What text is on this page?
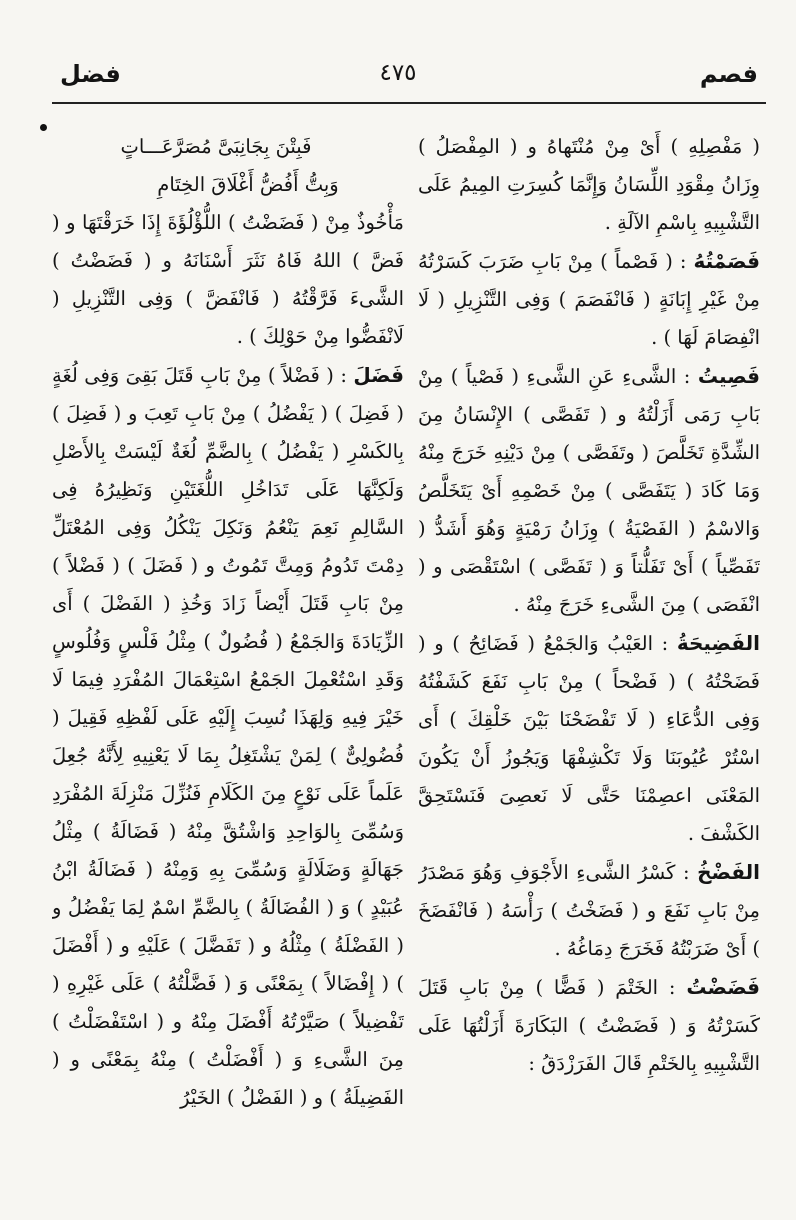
فصم
٤٧٥
فضل

( مَفْصِلِهِ ) أَىْ مِنْ مُنْتَهاهُ و ( المِفْصَلُ ) وِزَانُ مِقْوَدِ اللِّسَانُ وَإِنَّمَا كُسِرَتِ المِيمُ عَلَى التَّشْبِيهِ بِاسْمِ الآلَةِ .

فَصَمْتُهُ : ( فَصْماً ) مِنْ بَابِ ضَرَبَ كَسَرْتُهُ مِنْ غَيْرِ إِبَانَةٍ ( فَانْفَصَمَ ) وَفِى التَّنْزِيلِ ( لَا انْفِصَامَ لَهَا ) .

فَصِيتُ : الشَّىءِ عَنِ الشَّىءِ ( فَصْياً ) مِنْ بَابِ رَمَى أَزَلْتُهُ و ( تَفَصَّى ) الإِنْسَانُ مِنَ الشِّدَّةِ تَخَلَّصَ ( وتَفَصَّى ) مِنْ دَيْنِهِ خَرَجَ مِنْهُ وَمَا كَادَ ( يَتَفَصَّى ) مِنْ خَصْمِهِ أَىْ يَتَخَلَّصُ وَالاسْمُ ( الفَصْيَةُ ) وِزَانُ رَمْيَةٍ وَهُوَ أَشَدُّ ( تَفَصِّياً ) أَىْ تَفَلُّتاً وَ ( تَفَصَّى ) اسْتَقْصَى و ( انْفَصَى ) مِنَ الشَّىءِ خَرَجَ مِنْهُ .

الفَضِيحَةُ : العَيْبُ وَالجَمْعُ ( فَضَائِحُ ) و ( فَضَحْتُهُ ) ( فَضْحاً ) مِنْ بَابِ نَفَعَ كَشَفْتُهُ وَفِى الدُّعَاءِ ( لَا تَفْضَحْنَا بَيْنَ خَلْقِكَ ) أَى اسْتُرْ عُيُوبَنَا وَلَا تَكْشِفْهَا وَيَجُوزُ أَنْ يَكُونَ المَعْنَى اعصِمْنَا حَتَّى لَا نَعصِىَ فَنَسْتَحِقَّ الكَشْفَ .

الفَضْخُ : كَسْرُ الشَّىءِ الأَجْوَفِ وَهُوَ مَصْدَرُ مِنْ بَابِ نَفَعَ و ( فَضَخْتُ ) رَأْسَهُ ( فَانْفَضَخَ ) أَىْ ضَرَبْتُهُ فَخَرَجَ دِمَاغُهُ .

فَضَضْتُ : الخَتْمَ ( فَضًّا ) مِنْ بَابِ قَتَلَ كَسَرْتُهُ وَ ( فَضَضْتُ ) البَكَارَةَ أَزَلْتُهَا عَلَى التَّشْبِيهِ بِالخَتْمِ قَالَ الفَرَزْدَقُ :

فَبِتْنَ بِجَانِبَىَّ مُصَرَّعَـــاتٍ

وَبِتُّ أَفُضُّ أَغْلَاقَ الخِتَامِ

مَأْخُوذٌ مِنْ ( فَضَضْتُ ) اللُّؤْلُؤَةَ إِذَا خَرَقْتَهَا و ( فَضَّ ) اللهُ فَاهُ نَثَرَ أَسْنَانَهُ و ( فَضَضْتُ ) الشَّىءَ فَرَّقْتُهُ ( فَانْفَضَّ ) وَفِى التَّنْزِيلِ ( لَانْفَضُّوا مِنْ حَوْلِكَ ) .

فَضَلَ : ( فَضْلاً ) مِنْ بَابِ قَتَلَ بَقِىَ وَفِى لُغَةٍ ( فَضِلَ ) ( يَفْضُلُ ) مِنْ بَابِ تَعِبَ و ( فَضِلَ ) بِالكَسْرِ ( يَفْضُلُ ) بِالضَّمِّ لُغَةٌ لَيْسَتْ بِالأَصْلِ وَلَكِنَّهَا عَلَى تَدَاخُلِ اللُّغَتَيْنِ وَنَظِيرُهُ فِى السَّالِمِ نَعِمَ يَنْعُمُ وَنَكِلَ يَنْكُلُ وَفِى المُعْتَلِّ دِمْتَ تَدُومُ وَمِتَّ تَمُوتُ و ( فَضَلَ ) ( فَضْلاً ) مِنْ بَابِ قَتَلَ أَيْضاً زَادَ وَخُذِ ( الفَضْلَ ) أَى الزِّيَادَةَ وَالجَمْعُ ( فُضُولٌ ) مِثْلُ فَلْسٍ وَفُلُوسٍ وَقَدِ اسْتُعْمِلَ الجَمْعُ اسْتِعْمَالَ المُفْرَدِ فِيمَا لَا خَيْرَ فِيهِ وَلِهَذَا نُسِبَ إِلَيْهِ عَلَى لَفْظِهِ فَقِيلَ ( فُضُولِىٌّ ) لِمَنْ يَشْتَغِلُ بِمَا لَا يَعْنِيهِ لِأَنَّهُ جُعِلَ عَلَماً عَلَى نَوْعٍ مِنَ الكَلَامِ فَنُزِّلَ مَنْزِلَةَ المُفْرَدِ وَسُمِّىَ بِالوَاحِدِ وَاشْتُقَّ مِنْهُ ( فَضَالَةُ ) مِثْلُ جَهَالَةٍ وَضَلَالَةٍ وَسُمِّىَ بِهِ وَمِنْهُ ( فَضَالَةُ ابْنُ عُبَيْدٍ ) وَ ( الفُضَالَةُ ) بِالضَّمِّ اسْمٌ لِمَا يَفْضُلُ و ( الفَضْلَةُ ) مِثْلُهُ و ( تَفَضَّلَ ) عَلَيْهِ و ( أَفْضَلَ ) ( إِفْضَالاً ) بِمَعْنًى وَ ( فَضَّلْتُهُ ) عَلَى غَيْرِهِ ( تَفْضِيلاً ) صَيَّرْتُهُ أَفْضَلَ مِنْهُ و ( اسْتَفْضَلْتُ ) مِنَ الشَّىءِ وَ ( أَفْضَلْتُ ) مِنْهُ بِمَعْنًى و ( الفَضِيلَةُ ) و ( الفَضْلُ ) الخَيْرُ
